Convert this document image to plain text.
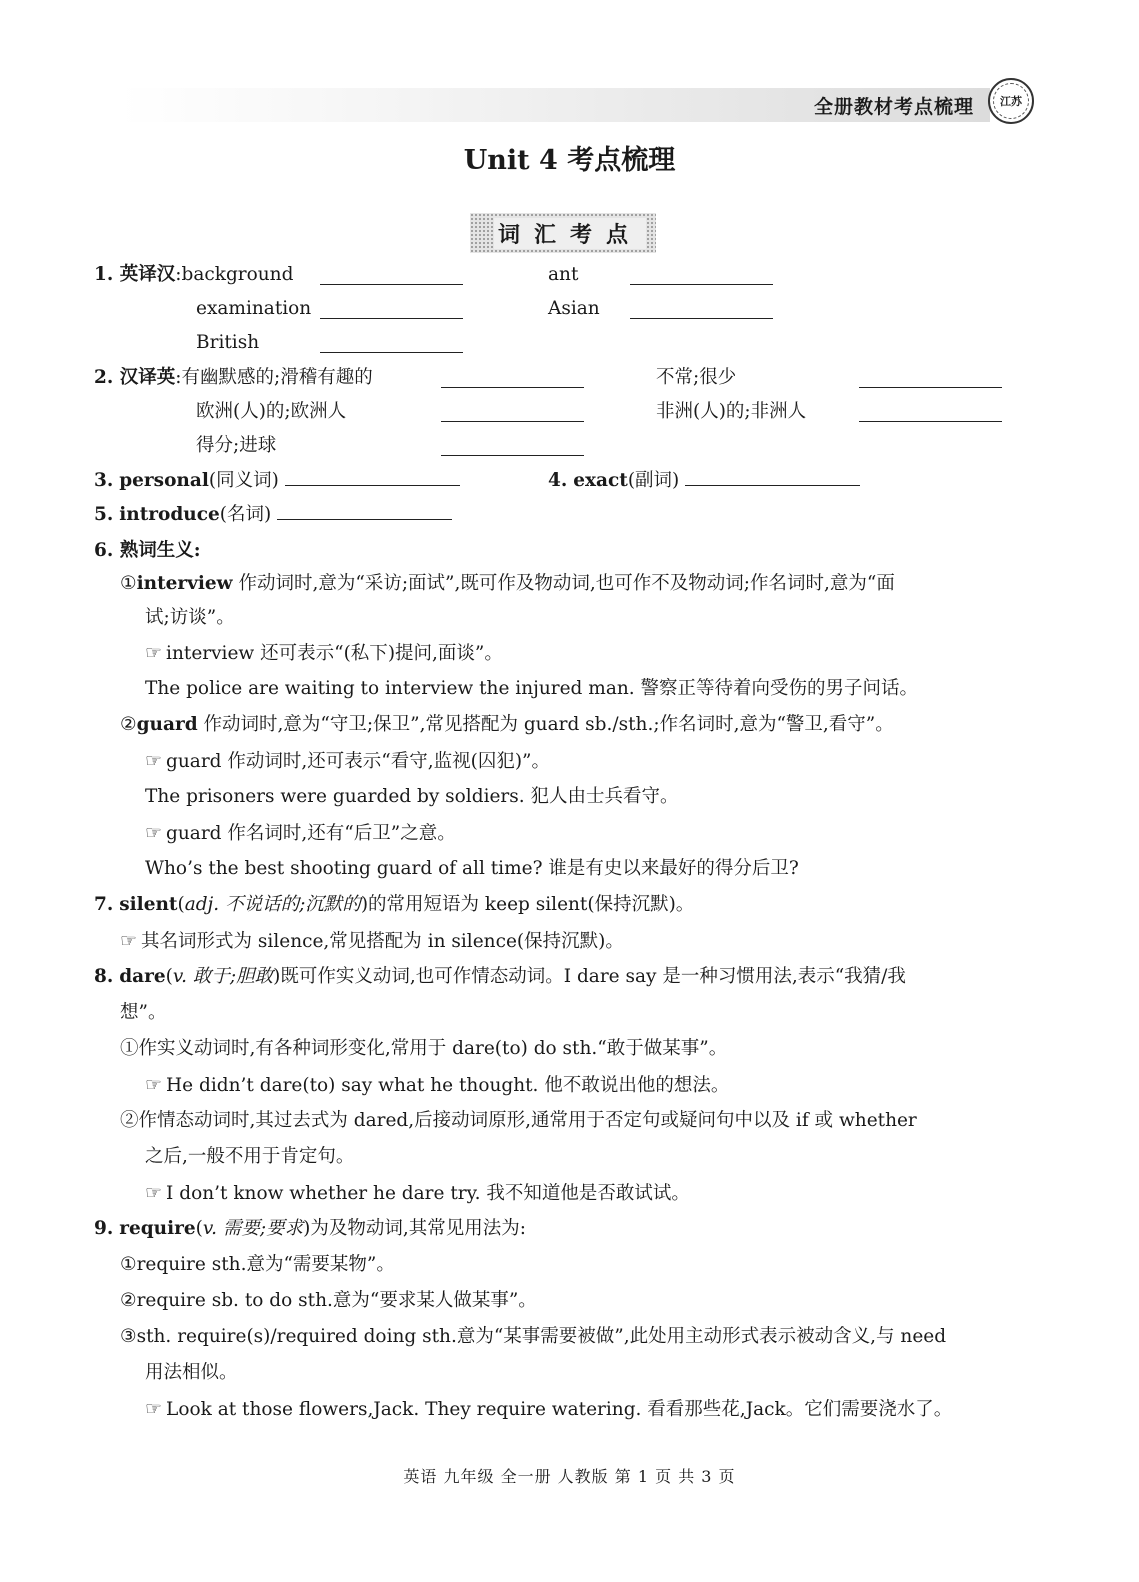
全册教材考点梳理	江苏
Unit 4 考点梳理
词汇考点
1. 英译汉:background	ant
examination	Asian
British
2. 汉译英:有幽默感的;滑稽有趣的	不常;很少
欧洲(人)的;欧洲人	非洲(人)的;非洲人
得分;进球
3. personal(同义词)	4. exact(副词)
5. introduce(名词)
6. 熟词生义:
①interview 作动词时,意为“采访;面试”,既可作及物动词,也可作不及物动词;作名词时,意为“面
试;访谈”。
☞ interview 还可表示“(私下)提问,面谈”。
The police are waiting to interview the injured man. 警察正等待着向受伤的男子问话。
②guard 作动词时,意为“守卫;保卫”,常见搭配为 guard sb./sth.;作名词时,意为“警卫,看守”。
☞ guard 作动词时,还可表示“看守,监视(囚犯)”。
The prisoners were guarded by soldiers. 犯人由士兵看守。
☞ guard 作名词时,还有“后卫”之意。
Who’s the best shooting guard of all time? 谁是有史以来最好的得分后卫?
7. silent(adj. 不说话的;沉默的)的常用短语为 keep silent(保持沉默)。
☞ 其名词形式为 silence,常见搭配为 in silence(保持沉默)。
8. dare(v. 敢于;胆敢)既可作实义动词,也可作情态动词。I dare say 是一种习惯用法,表示“我猜/我
想”。
①作实义动词时,有各种词形变化,常用于 dare(to) do sth.“敢于做某事”。
☞ He didn’t dare(to) say what he thought. 他不敢说出他的想法。
②作情态动词时,其过去式为 dared,后接动词原形,通常用于否定句或疑问句中以及 if 或 whether
之后,一般不用于肯定句。
☞ I don’t know whether he dare try. 我不知道他是否敢试试。
9. require(v. 需要;要求)为及物动词,其常见用法为:
①require sth.意为“需要某物”。
②require sb. to do sth.意为“要求某人做某事”。
③sth. require(s)/required doing sth.意为“某事需要被做”,此处用主动形式表示被动含义,与 need
用法相似。
☞ Look at those flowers,Jack. They require watering. 看看那些花,Jack。它们需要浇水了。
英语 九年级 全一册 人教版 第 1 页 共 3 页
